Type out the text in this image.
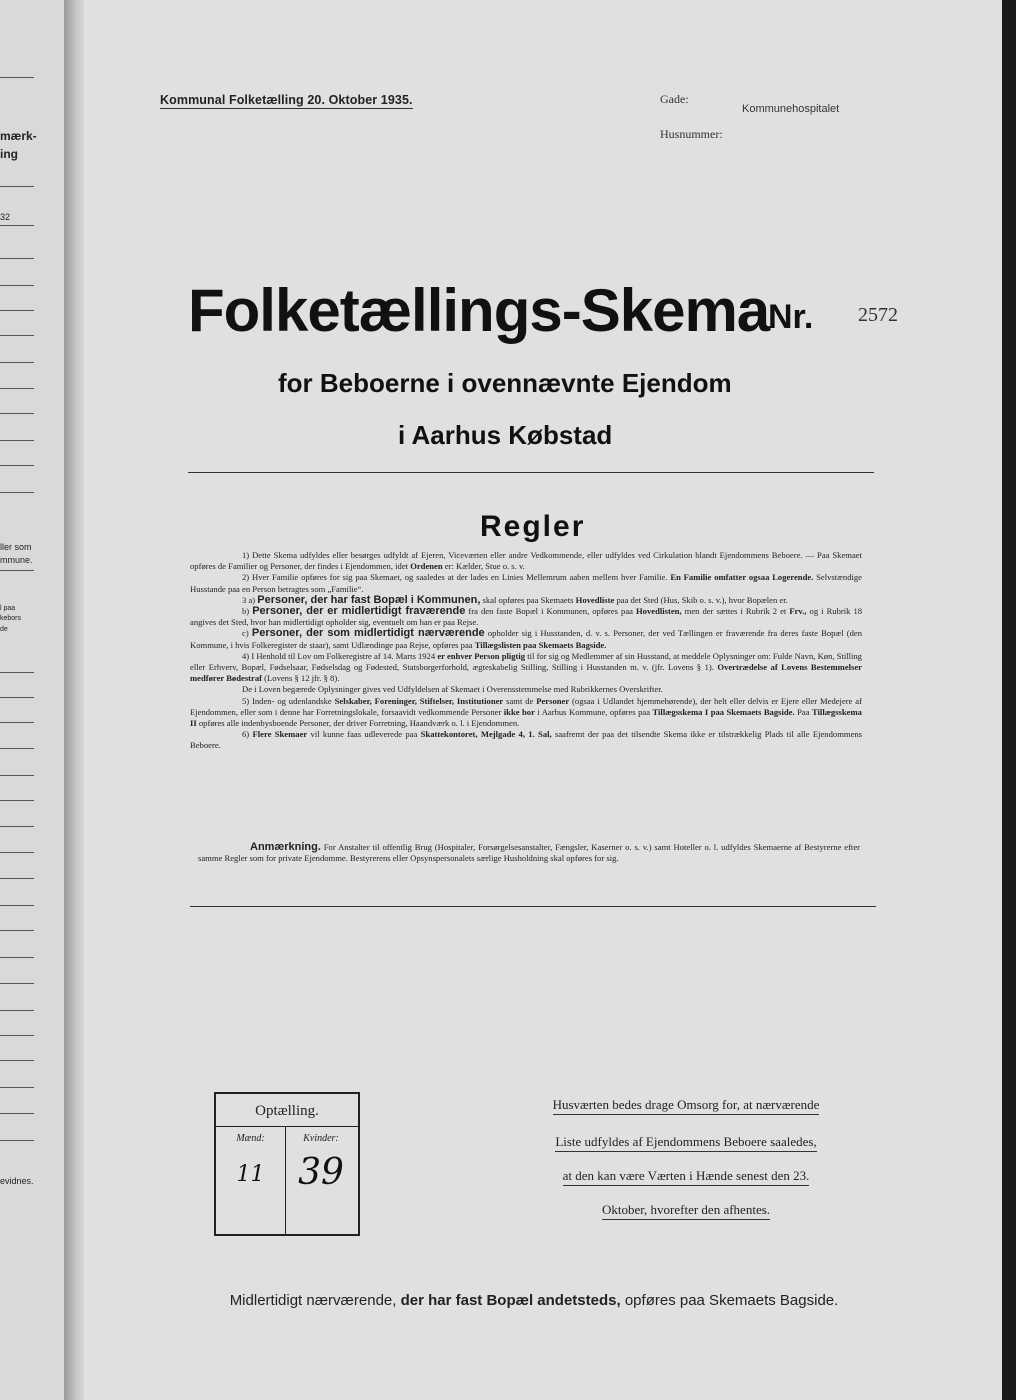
mærk-
ing
32
ller som
mmune.
l paa
kebors
de
evidnes.
Kommunal Folketælling 20. Oktober 1935.	Gade:
Kommunehospitalet
Husnummer:
Folketællings-Skema
Nr. 2572
for Beboerne i ovennævnte Ejendom
i Aarhus Købstad
Regler

1) Dette Skema udfyldes eller besørges udfyldt af Ejeren, Viceværten eller andre Vedkommende, eller udfyldes ved Cirkulation blandt Ejendommens Beboere. — Paa Skemaet opføres de Familier og Personer, der findes i Ejendommen, idet Ordenen er: Kælder, Stue o. s. v.

2) Hver Familie opføres for sig paa Skemaet, og saaledes at der lades en Linies Mellemrum aaben mellem hver Familie. En Familie omfatter ogsaa Logerende. Selvstændige Husstande paa en Person betragtes som „Familie“.

3 a) Personer, der har fast Bopæl i Kommunen, skal opføres paa Skemaets Hovedliste paa det Sted (Hus, Skib o. s. v.), hvor Bopælen er.

b) Personer, der er midlertidigt fraværende fra den faste Bopæl i Kommunen, opføres paa Hovedlisten, men der sættes i Rubrik 2 et Frv., og i Rubrik 18 angives det Sted, hvor han midlertidigt opholder sig, eventuelt om han er paa Rejse.

c) Personer, der som midlertidigt nærværende opholder sig i Husstanden, d. v. s. Personer, der ved Tællingen er fraværende fra deres faste Bopæl (den Kommune, i hvis Folkeregister de staar), samt Udlændinge paa Rejse, opføres paa Tillægslisten paa Skemaets Bagside.

4) I Henhold til Lov om Folkeregistre af 14. Marts 1924 er enhver Person pligtig til for sig og Medlemmer af sin Husstand, at meddele Oplysninger om: Fulde Navn, Køn, Stilling eller Erhverv, Bopæl, Fødselsaar, Fødselsdag og Fødested, Statsborgerforhold, ægteskabelig Stilling, Stilling i Husstanden m. v. (jfr. Lovens § 1). Overtrædelse af Lovens Bestemmelser medfører Bødestraf (Lovens § 12 jfr. § 8).

De i Loven begærede Oplysninger gives ved Udfyldelsen af Skemaet i Overensstemmelse med Rubrikkernes Overskrifter.

5) Inden- og udenlandske Selskaber, Foreninger, Stiftelser, Institutioner samt de Personer (ogsaa i Udlandet hjemmehørende), der helt eller delvis er Ejere eller Medejere af Ejendommen, eller som i denne har Forretningslokale, forsaavidt vedkommende Personer ikke bor i Aarhus Kommune, opføres paa Tillægsskema I paa Skemaets Bagside. Paa Tillægsskema II opføres alle indenbysboende Personer, der driver Forretning, Haandværk o. l. i Ejendommen.

6) Flere Skemaer vil kunne faas udleverede paa Skattekontoret, Mejlgade 4, 1. Sal, saafremt der paa det tilsendte Skema ikke er tilstrækkelig Plads til alle Ejendommens Beboere.

Anmærkning. For Anstalter til offentlig Brug (Hospitaler, Forsørgelsesanstalter, Fængsler, Kaserner o. s. v.) samt Hoteller o. l. udfyldes Skemaerne af Bestyrerne efter samme Regler som for private Ejendomme. Bestyrerens eller Opsynspersonalets særlige Husholdning skal opføres for sig.
Optælling.
Mænd:
11
Kvinder:
39
Husværten bedes drage Omsorg for, at nærværende
Liste udfyldes af Ejendommens Beboere saaledes,
at den kan være Værten i Hænde senest den 23.
Oktober, hvorefter den afhentes.
Midlertidigt nærværende, der har fast Bopæl andetsteds, opføres paa Skemaets Bagside.
